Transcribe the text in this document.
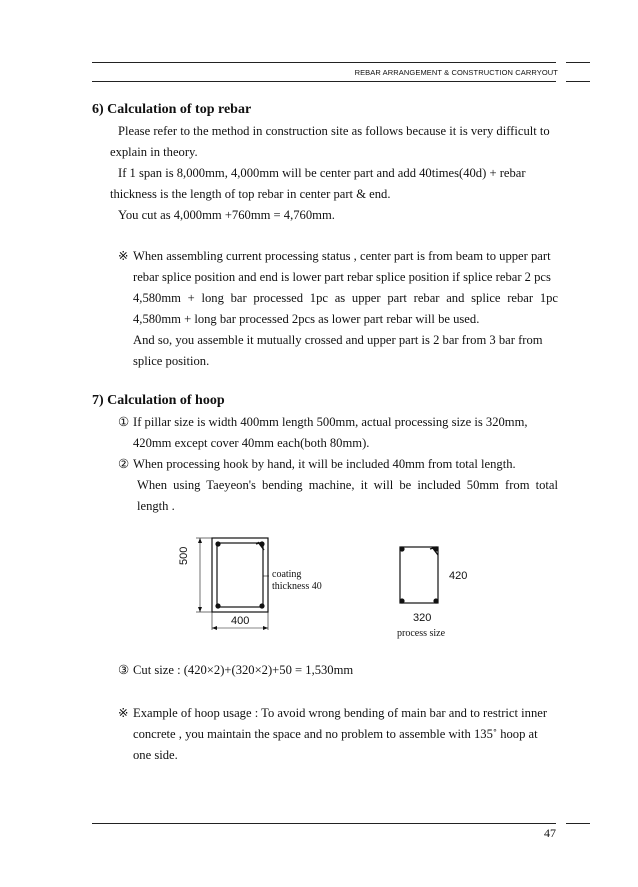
REBAR ARRANGEMENT & CONSTRUCTION CARRYOUT
6) Calculation of top rebar
Please refer to the method in construction site as follows because it is very difficult to
explain in theory.
If 1 span is 8,000mm, 4,000mm will be center part and add 40times(40d) + rebar
thickness is the length of top rebar in center part & end.
You cut as 4,000mm +760mm = 4,760mm.
※ When assembling current processing status , center part is from beam to upper part
rebar splice position and end is lower part rebar splice position if splice rebar 2 pcs
4,580mm + long bar processed 1pc as upper part rebar and splice rebar 1pc
4,580mm + long bar processed 2pcs as lower part rebar will be used.
And so, you assemble it mutually crossed and upper part is 2 bar from 3 bar from
splice position.
7) Calculation of hoop
① If pillar size is width 400mm length 500mm, actual processing size is 320mm,
420mm except cover 40mm each(both 80mm).
② When processing hook by hand, it will be included 40mm from total length.
When using Taeyeon's bending machine, it will be included 50mm from total
length .
500
400
coating
thickness 40
420
320
process size
③ Cut size : (420×2)+(320×2)+50 = 1,530mm
※ Example of hoop usage : To avoid wrong bending of main bar and to restrict inner
concrete , you maintain the space and no problem to assemble with 135˚ hoop at
one side.
47
